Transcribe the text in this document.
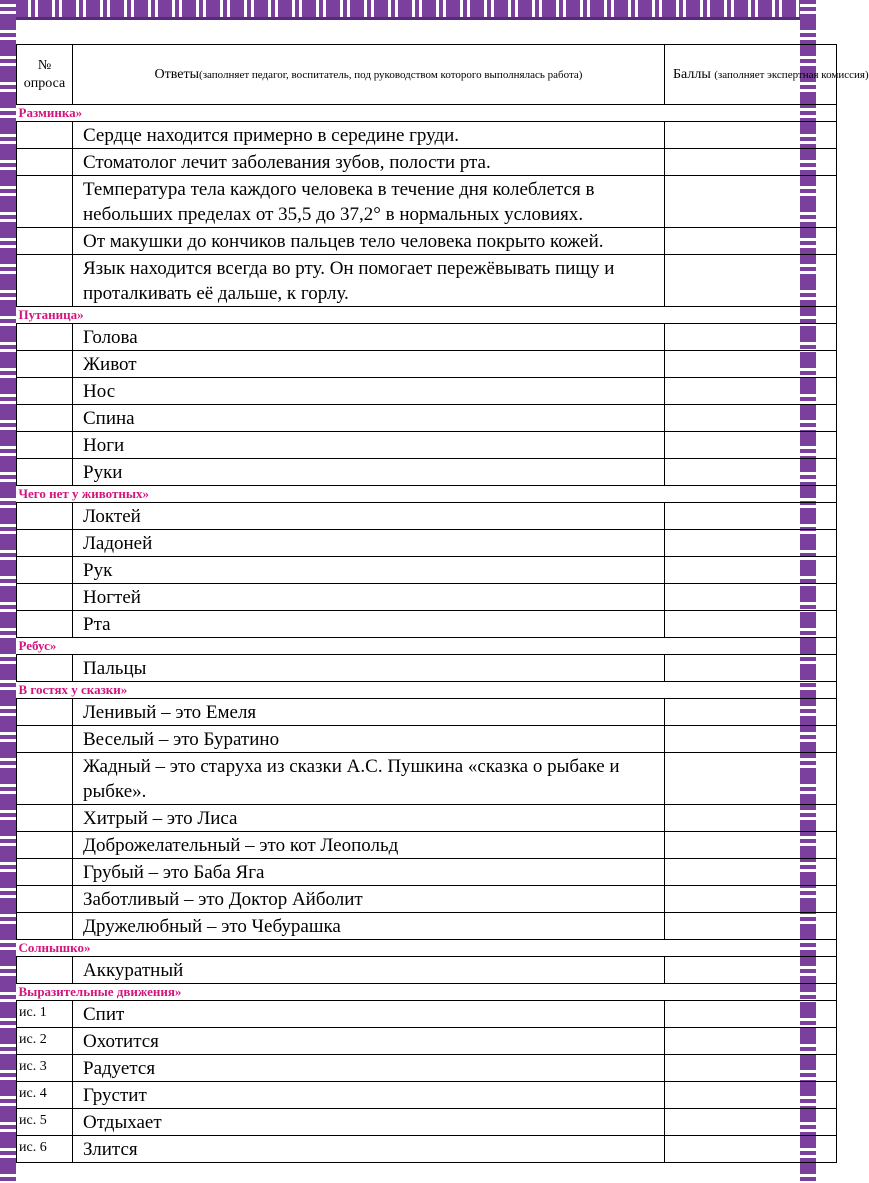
№ опроса	Ответы(заполняет педагог, воспитатель, под руководством которого выполнялась работа)	Баллы (заполняет экспертная комиссия)
Разминка»		
	Сердце находится примерно в середине груди.	
	Стоматолог лечит заболевания зубов, полости рта.	
	Температура тела каждого человека в течение дня колеблется в небольших пределах от 35,5 до 37,2° в нормальных условиях.	
	От макушки до кончиков пальцев тело человека покрыто кожей.	
	Язык находится всегда во рту. Он помогает пережёвывать пищу и проталкивать её дальше, к горлу.	
Путаница»		
	Голова	
	Живот	
	Нос	
	Спина	
	Ноги	
	Руки	
Чего нет у животных»		
	Локтей	
	Ладоней	
	Рук	
	Ногтей	
	Рта	
Ребус»		
	Пальцы	
В гостях у сказки»		
	Ленивый – это Емеля	
	Веселый – это Буратино	
	Жадный – это старуха из сказки А.С. Пушкина «сказка о рыбаке и рыбке».	
	Хитрый – это Лиса	
	Доброжелательный – это кот Леопольд	
	Грубый – это Баба Яга	
	Заботливый – это Доктор Айболит	
	Дружелюбный – это Чебурашка	
Солнышко»		
	Аккуратный	
Выразительные движения»		
ис. 1	Спит	
ис. 2	Охотится	
ис. 3	Радуется	
ис. 4	Грустит	
ис. 5	Отдыхает	
ис. 6	Злится	
